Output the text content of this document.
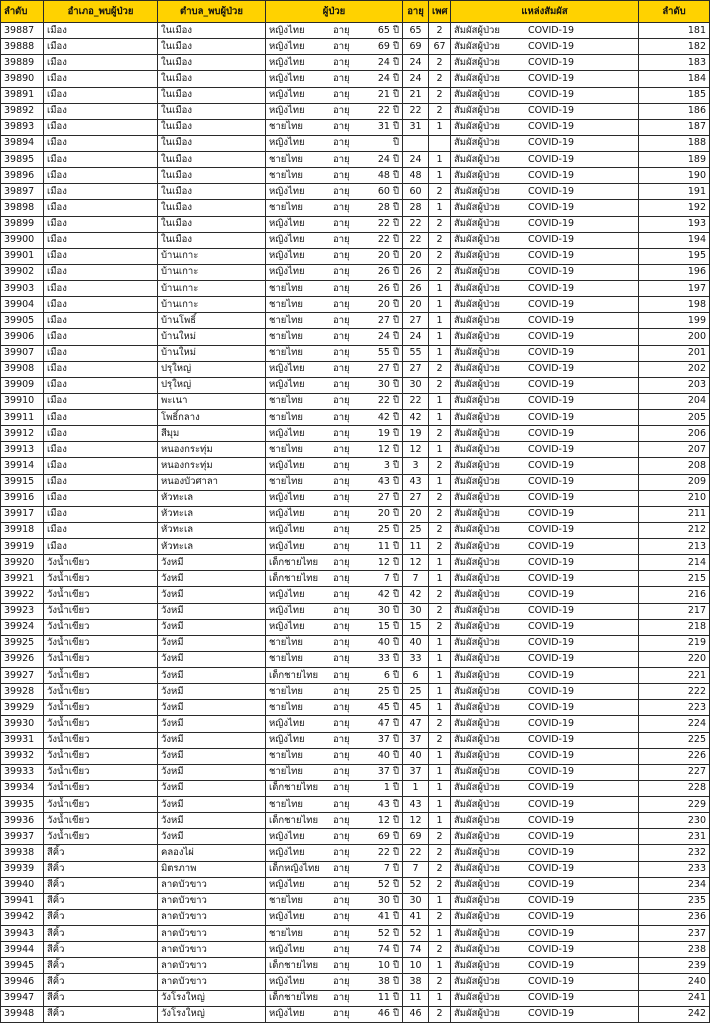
ลำดับ	อำเภอ_พบผู้ป่วย	ตำบล_พบผู้ป่วย	ผู้ป่วย	อายุ	เพศ	แหล่งสัมผัส	ลำดับ
39887	เมือง	ในเมือง	หญิงไทย อายุ 65 ปี	65	2	สัมผัสผู้ป่วย COVID-19	181
39888	เมือง	ในเมือง	หญิงไทย อายุ 69 ปี	69	67	สัมผัสผู้ป่วย COVID-19	182
39889	เมือง	ในเมือง	หญิงไทย อายุ 24 ปี	24	2	สัมผัสผู้ป่วย COVID-19	183
39890	เมือง	ในเมือง	หญิงไทย อายุ 24 ปี	24	2	สัมผัสผู้ป่วย COVID-19	184
39891	เมือง	ในเมือง	หญิงไทย อายุ 21 ปี	21	2	สัมผัสผู้ป่วย COVID-19	185
39892	เมือง	ในเมือง	หญิงไทย อายุ 22 ปี	22	2	สัมผัสผู้ป่วย COVID-19	186
39893	เมือง	ในเมือง	ชายไทย อายุ 31 ปี	31	1	สัมผัสผู้ป่วย COVID-19	187
39894	เมือง	ในเมือง	หญิงไทย อายุ ปี			สัมผัสผู้ป่วย COVID-19	188
39895	เมือง	ในเมือง	ชายไทย อายุ 24 ปี	24	1	สัมผัสผู้ป่วย COVID-19	189
39896	เมือง	ในเมือง	ชายไทย อายุ 48 ปี	48	1	สัมผัสผู้ป่วย COVID-19	190
39897	เมือง	ในเมือง	หญิงไทย อายุ 60 ปี	60	2	สัมผัสผู้ป่วย COVID-19	191
39898	เมือง	ในเมือง	ชายไทย อายุ 28 ปี	28	1	สัมผัสผู้ป่วย COVID-19	192
39899	เมือง	ในเมือง	หญิงไทย อายุ 22 ปี	22	2	สัมผัสผู้ป่วย COVID-19	193
39900	เมือง	ในเมือง	หญิงไทย อายุ 22 ปี	22	2	สัมผัสผู้ป่วย COVID-19	194
39901	เมือง	บ้านเกาะ	หญิงไทย อายุ 20 ปี	20	2	สัมผัสผู้ป่วย COVID-19	195
39902	เมือง	บ้านเกาะ	หญิงไทย อายุ 26 ปี	26	2	สัมผัสผู้ป่วย COVID-19	196
39903	เมือง	บ้านเกาะ	ชายไทย อายุ 26 ปี	26	1	สัมผัสผู้ป่วย COVID-19	197
39904	เมือง	บ้านเกาะ	ชายไทย อายุ 20 ปี	20	1	สัมผัสผู้ป่วย COVID-19	198
39905	เมือง	บ้านโพธิ์	ชายไทย อายุ 27 ปี	27	1	สัมผัสผู้ป่วย COVID-19	199
39906	เมือง	บ้านใหม่	ชายไทย อายุ 24 ปี	24	1	สัมผัสผู้ป่วย COVID-19	200
39907	เมือง	บ้านใหม่	ชายไทย อายุ 55 ปี	55	1	สัมผัสผู้ป่วย COVID-19	201
39908	เมือง	ปรุใหญ่	หญิงไทย อายุ 27 ปี	27	2	สัมผัสผู้ป่วย COVID-19	202
39909	เมือง	ปรุใหญ่	หญิงไทย อายุ 30 ปี	30	2	สัมผัสผู้ป่วย COVID-19	203
39910	เมือง	พะเนา	ชายไทย อายุ 22 ปี	22	1	สัมผัสผู้ป่วย COVID-19	204
39911	เมือง	โพธิ์กลาง	ชายไทย อายุ 42 ปี	42	1	สัมผัสผู้ป่วย COVID-19	205
39912	เมือง	สีมุม	หญิงไทย อายุ 19 ปี	19	2	สัมผัสผู้ป่วย COVID-19	206
39913	เมือง	หนองกระทุ่ม	ชายไทย อายุ 12 ปี	12	1	สัมผัสผู้ป่วย COVID-19	207
39914	เมือง	หนองกระทุ่ม	หญิงไทย อายุ 3 ปี	3	2	สัมผัสผู้ป่วย COVID-19	208
39915	เมือง	หนองบัวศาลา	ชายไทย อายุ 43 ปี	43	1	สัมผัสผู้ป่วย COVID-19	209
39916	เมือง	หัวทะเล	หญิงไทย อายุ 27 ปี	27	2	สัมผัสผู้ป่วย COVID-19	210
39917	เมือง	หัวทะเล	หญิงไทย อายุ 20 ปี	20	2	สัมผัสผู้ป่วย COVID-19	211
39918	เมือง	หัวทะเล	หญิงไทย อายุ 25 ปี	25	2	สัมผัสผู้ป่วย COVID-19	212
39919	เมือง	หัวทะเล	หญิงไทย อายุ 11 ปี	11	2	สัมผัสผู้ป่วย COVID-19	213
39920	วังน้ำเขียว	วังหมี	เด็กชายไทย อายุ 12 ปี	12	1	สัมผัสผู้ป่วย COVID-19	214
39921	วังน้ำเขียว	วังหมี	เด็กชายไทย อายุ 7 ปี	7	1	สัมผัสผู้ป่วย COVID-19	215
39922	วังน้ำเขียว	วังหมี	หญิงไทย อายุ 42 ปี	42	2	สัมผัสผู้ป่วย COVID-19	216
39923	วังน้ำเขียว	วังหมี	หญิงไทย อายุ 30 ปี	30	2	สัมผัสผู้ป่วย COVID-19	217
39924	วังน้ำเขียว	วังหมี	หญิงไทย อายุ 15 ปี	15	2	สัมผัสผู้ป่วย COVID-19	218
39925	วังน้ำเขียว	วังหมี	ชายไทย อายุ 40 ปี	40	1	สัมผัสผู้ป่วย COVID-19	219
39926	วังน้ำเขียว	วังหมี	ชายไทย อายุ 33 ปี	33	1	สัมผัสผู้ป่วย COVID-19	220
39927	วังน้ำเขียว	วังหมี	เด็กชายไทย อายุ 6 ปี	6	1	สัมผัสผู้ป่วย COVID-19	221
39928	วังน้ำเขียว	วังหมี	ชายไทย อายุ 25 ปี	25	1	สัมผัสผู้ป่วย COVID-19	222
39929	วังน้ำเขียว	วังหมี	ชายไทย อายุ 45 ปี	45	1	สัมผัสผู้ป่วย COVID-19	223
39930	วังน้ำเขียว	วังหมี	หญิงไทย อายุ 47 ปี	47	2	สัมผัสผู้ป่วย COVID-19	224
39931	วังน้ำเขียว	วังหมี	หญิงไทย อายุ 37 ปี	37	2	สัมผัสผู้ป่วย COVID-19	225
39932	วังน้ำเขียว	วังหมี	ชายไทย อายุ 40 ปี	40	1	สัมผัสผู้ป่วย COVID-19	226
39933	วังน้ำเขียว	วังหมี	ชายไทย อายุ 37 ปี	37	1	สัมผัสผู้ป่วย COVID-19	227
39934	วังน้ำเขียว	วังหมี	เด็กชายไทย อายุ 1 ปี	1	1	สัมผัสผู้ป่วย COVID-19	228
39935	วังน้ำเขียว	วังหมี	ชายไทย อายุ 43 ปี	43	1	สัมผัสผู้ป่วย COVID-19	229
39936	วังน้ำเขียว	วังหมี	เด็กชายไทย อายุ 12 ปี	12	1	สัมผัสผู้ป่วย COVID-19	230
39937	วังน้ำเขียว	วังหมี	หญิงไทย อายุ 69 ปี	69	2	สัมผัสผู้ป่วย COVID-19	231
39938	สีคิ้ว	คลองไผ่	หญิงไทย อายุ 22 ปี	22	2	สัมผัสผู้ป่วย COVID-19	232
39939	สีคิ้ว	มิตรภาพ	เด็กหญิงไทย อายุ 7 ปี	7	2	สัมผัสผู้ป่วย COVID-19	233
39940	สีคิ้ว	ลาดบัวขาว	หญิงไทย อายุ 52 ปี	52	2	สัมผัสผู้ป่วย COVID-19	234
39941	สีคิ้ว	ลาดบัวขาว	ชายไทย อายุ 30 ปี	30	1	สัมผัสผู้ป่วย COVID-19	235
39942	สีคิ้ว	ลาดบัวขาว	หญิงไทย อายุ 41 ปี	41	2	สัมผัสผู้ป่วย COVID-19	236
39943	สีคิ้ว	ลาดบัวขาว	ชายไทย อายุ 52 ปี	52	1	สัมผัสผู้ป่วย COVID-19	237
39944	สีคิ้ว	ลาดบัวขาว	หญิงไทย อายุ 74 ปี	74	2	สัมผัสผู้ป่วย COVID-19	238
39945	สีคิ้ว	ลาดบัวขาว	เด็กชายไทย อายุ 10 ปี	10	1	สัมผัสผู้ป่วย COVID-19	239
39946	สีคิ้ว	ลาดบัวขาว	หญิงไทย อายุ 38 ปี	38	2	สัมผัสผู้ป่วย COVID-19	240
39947	สีคิ้ว	วังโรงใหญ่	เด็กชายไทย อายุ 11 ปี	11	1	สัมผัสผู้ป่วย COVID-19	241
39948	สีคิ้ว	วังโรงใหญ่	หญิงไทย อายุ 46 ปี	46	2	สัมผัสผู้ป่วย COVID-19	242
